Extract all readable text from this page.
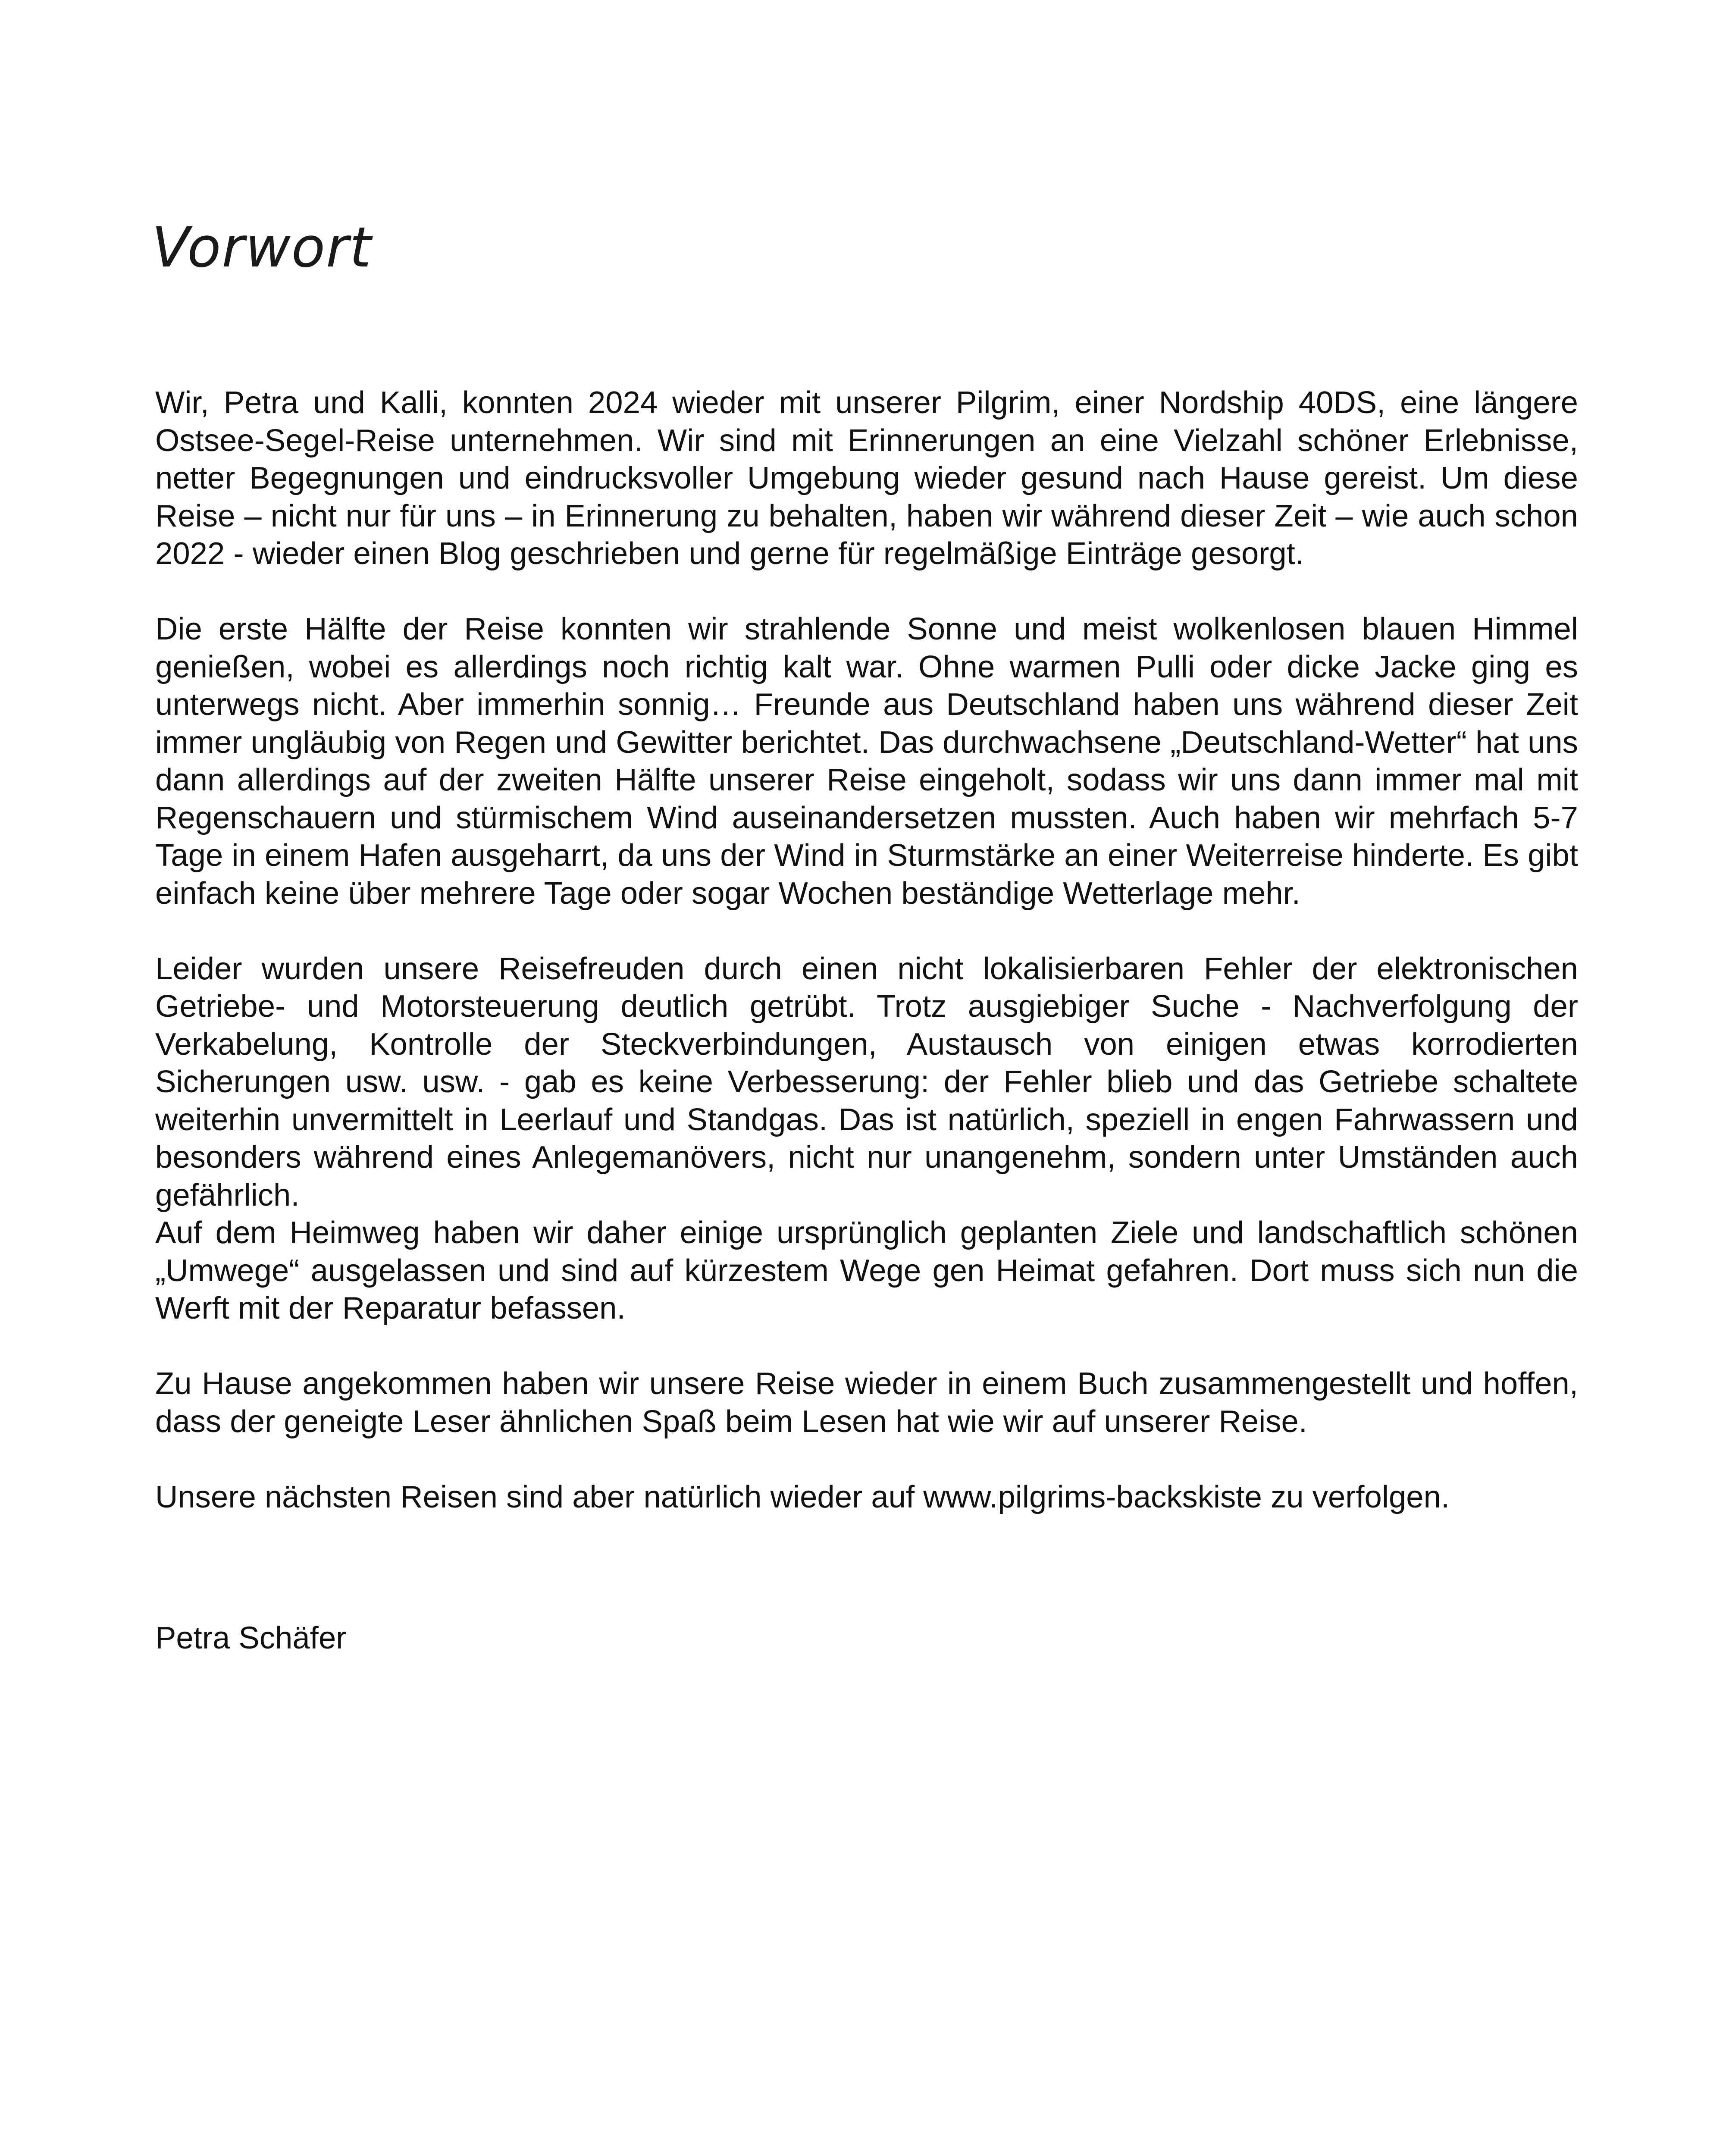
Vorwort

Wir, Petra und Kalli, konnten 2024 wieder mit unserer Pilgrim, einer Nordship 40DS, eine längere Ostsee-Segel-Reise unternehmen. Wir sind mit Erinnerungen an eine Vielzahl schöner Erlebnisse, netter Begegnungen und eindrucksvoller Umgebung wieder gesund nach Hause gereist. Um diese Reise – nicht nur für uns – in Erinnerung zu behalten, haben wir während dieser Zeit – wie auch schon 2022 - wieder einen Blog geschrieben und gerne für regelmäßige Einträge gesorgt.

Die erste Hälfte der Reise konnten wir strahlende Sonne und meist wolkenlosen blauen Himmel genießen, wobei es allerdings noch richtig kalt war. Ohne warmen Pulli oder dicke Jacke ging es unterwegs nicht. Aber immerhin sonnig… Freunde aus Deutschland haben uns während dieser Zeit immer ungläubig von Regen und Gewitter berichtet. Das durchwachsene „Deutschland-Wetter“ hat uns dann allerdings auf der zweiten Hälfte unserer Reise eingeholt, sodass wir uns dann immer mal mit Regenschauern und stürmischem Wind auseinandersetzen mussten. Auch haben wir mehrfach 5-7 Tage in einem Hafen ausgeharrt, da uns der Wind in Sturmstärke an einer Weiterreise hinderte. Es gibt einfach keine über mehrere Tage oder sogar Wochen beständige Wetterlage mehr.

Leider wurden unsere Reisefreuden durch einen nicht lokalisierbaren Fehler der elektronischen Getriebe- und Motorsteuerung deutlich getrübt. Trotz ausgiebiger Suche - Nachverfolgung der Verkabelung, Kontrolle der Steckverbindungen, Austausch von einigen etwas korrodierten Sicherungen usw. usw. - gab es keine Verbesserung: der Fehler blieb und das Getriebe schaltete weiterhin unvermittelt in Leerlauf und Standgas. Das ist natürlich, speziell in engen Fahrwassern und besonders während eines Anlegemanövers, nicht nur unangenehm, sondern unter Umständen auch gefährlich.

Auf dem Heimweg haben wir daher einige ursprünglich geplanten Ziele und landschaftlich schönen „Umwege“ ausgelassen und sind auf kürzestem Wege gen Heimat gefahren. Dort muss sich nun die Werft mit der Reparatur befassen.

Zu Hause angekommen haben wir unsere Reise wieder in einem Buch zusammengestellt und hoffen, dass der geneigte Leser ähnlichen Spaß beim Lesen hat wie wir auf unserer Reise.

Unsere nächsten Reisen sind aber natürlich wieder auf www.pilgrims-backskiste zu verfolgen.

Petra Schäfer
